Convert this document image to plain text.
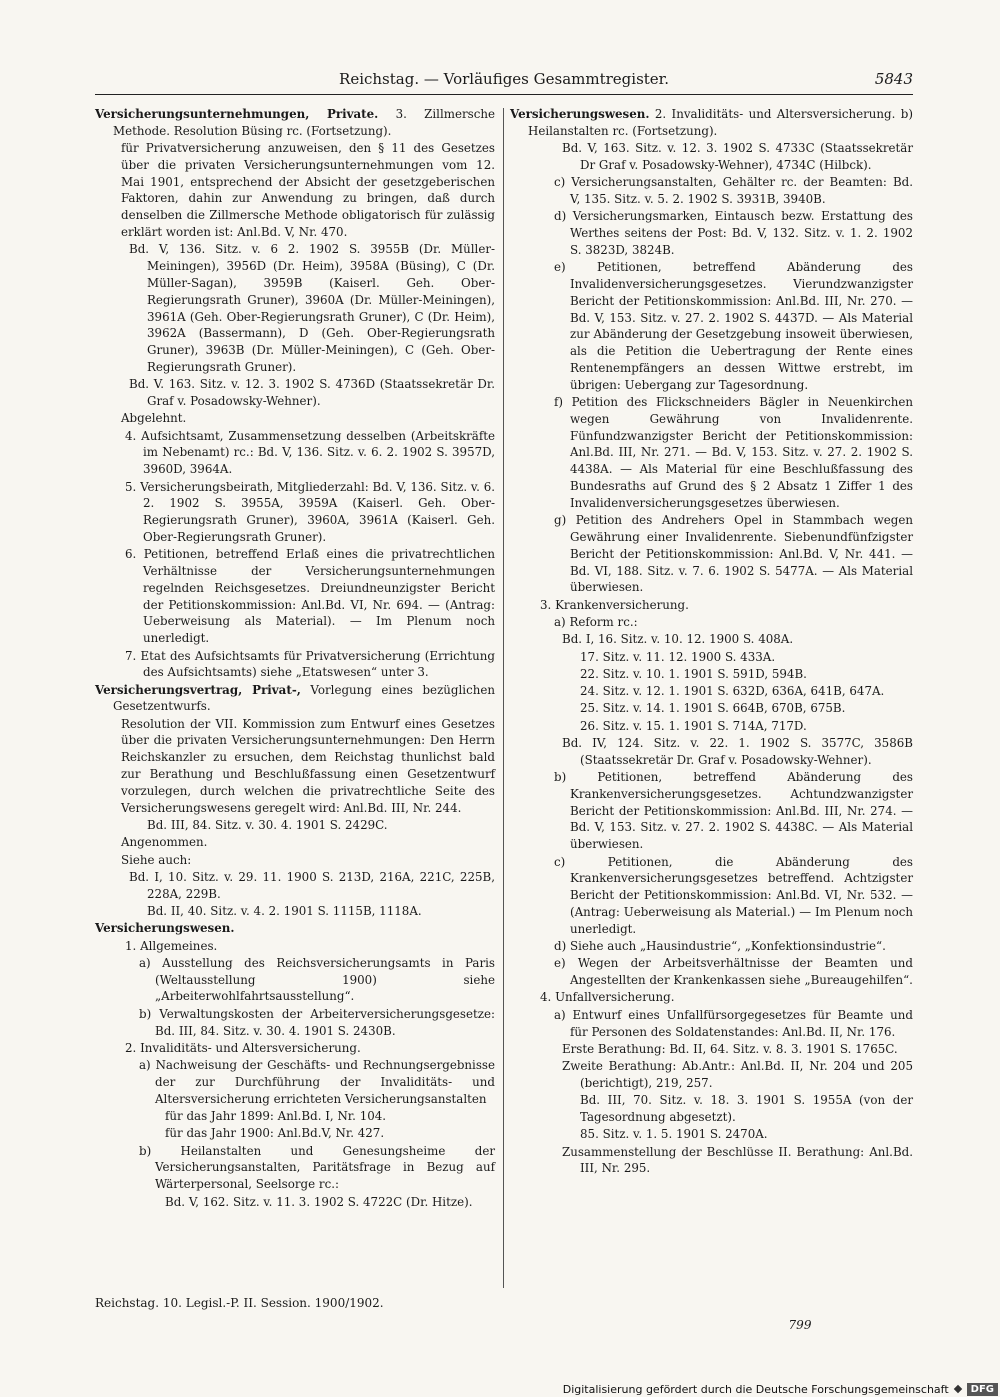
Reichstag. — Vorläufiges Gesammtregister.	5843
Versicherungsunternehmungen, Private. 3. Zillmersche Methode. Resolution Büsing rc. (Fortsetzung).
für Privatversicherung anzuweisen, den § 11 des Gesetzes über die privaten Versicherungsunternehmungen vom 12. Mai 1901, entsprechend der Absicht der gesetzgeberischen Faktoren, dahin zur Anwendung zu bringen, daß durch denselben die Zillmersche Methode obligatorisch für zulässig erklärt worden ist: Anl.Bd. V, Nr. 470.
Bd. V, 136. Sitz. v. 6 2. 1902 S. 3955B (Dr. Müller-Meiningen), 3956D (Dr. Heim), 3958A (Büsing), C (Dr. Müller-Sagan), 3959B (Kaiserl. Geh. Ober-Regierungsrath Gruner), 3960A (Dr. Müller-Meiningen), 3961A (Geh. Ober-Regierungsrath Gruner), C (Dr. Heim), 3962A (Bassermann), D (Geh. Ober-Regierungsrath Gruner), 3963B (Dr. Müller-Meiningen), C (Geh. Ober-Regierungsrath Gruner).
Bd. V. 163. Sitz. v. 12. 3. 1902 S. 4736D (Staatssekretär Dr. Graf v. Posadowsky-Wehner).
Abgelehnt.
4. Aufsichtsamt, Zusammensetzung desselben (Arbeitskräfte im Nebenamt) rc.: Bd. V, 136. Sitz. v. 6. 2. 1902 S. 3957D, 3960D, 3964A.
5. Versicherungsbeirath, Mitgliederzahl: Bd. V, 136. Sitz. v. 6. 2. 1902 S. 3955A, 3959A (Kaiserl. Geh. Ober-Regierungsrath Gruner), 3960A, 3961A (Kaiserl. Geh. Ober-Regierungsrath Gruner).
6. Petitionen, betreffend Erlaß eines die privatrechtlichen Verhältnisse der Versicherungsunternehmungen regelnden Reichsgesetzes. Dreiundneunzigster Bericht der Petitionskommission: Anl.Bd. VI, Nr. 694. — (Antrag: Ueberweisung als Material). — Im Plenum noch unerledigt.
7. Etat des Aufsichtsamts für Privatversicherung (Errichtung des Aufsichtsamts) siehe „Etatswesen“ unter 3.
Versicherungsvertrag, Privat-, Vorlegung eines bezüglichen Gesetzentwurfs.
Resolution der VII. Kommission zum Entwurf eines Gesetzes über die privaten Versicherungsunternehmungen: Den Herrn Reichskanzler zu ersuchen, dem Reichstag thunlichst bald zur Berathung und Beschlußfassung einen Gesetzentwurf vorzulegen, durch welchen die privatrechtliche Seite des Versicherungswesens geregelt wird: Anl.Bd. III, Nr. 244.
Bd. III, 84. Sitz. v. 30. 4. 1901 S. 2429C.
Angenommen.
Siehe auch:
Bd. I, 10. Sitz. v. 29. 11. 1900 S. 213D, 216A, 221C, 225B, 228A, 229B.
Bd. II, 40. Sitz. v. 4. 2. 1901 S. 1115B, 1118A.
Versicherungswesen.
1. Allgemeines.
a) Ausstellung des Reichsversicherungsamts in Paris (Weltausstellung 1900) siehe „Arbeiterwohlfahrtsausstellung“.
b) Verwaltungskosten der Arbeiterversicherungsgesetze: Bd. III, 84. Sitz. v. 30. 4. 1901 S. 2430B.
2. Invaliditäts- und Altersversicherung.
a) Nachweisung der Geschäfts- und Rechnungsergebnisse der zur Durchführung der Invaliditäts- und Altersversicherung errichteten Versicherungsanstalten
für das Jahr 1899: Anl.Bd. I, Nr. 104.
für das Jahr 1900: Anl.Bd.V, Nr. 427.
b) Heilanstalten und Genesungsheime der Versicherungsanstalten, Paritätsfrage in Bezug auf Wärterpersonal, Seelsorge rc.:
Bd. V, 162. Sitz. v. 11. 3. 1902 S. 4722C (Dr. Hitze).
Versicherungswesen. 2. Invaliditäts- und Altersversicherung. b) Heilanstalten rc. (Fortsetzung).
Bd. V, 163. Sitz. v. 12. 3. 1902 S. 4733C (Staatssekretär Dr Graf v. Posadowsky-Wehner), 4734C (Hilbck).
c) Versicherungsanstalten, Gehälter rc. der Beamten: Bd. V, 135. Sitz. v. 5. 2. 1902 S. 3931B, 3940B.
d) Versicherungsmarken, Eintausch bezw. Erstattung des Werthes seitens der Post: Bd. V, 132. Sitz. v. 1. 2. 1902 S. 3823D, 3824B.
e) Petitionen, betreffend Abänderung des Invalidenversicherungsgesetzes. Vierundzwanzigster Bericht der Petitionskommission: Anl.Bd. III, Nr. 270. — Bd. V, 153. Sitz. v. 27. 2. 1902 S. 4437D. — Als Material zur Abänderung der Gesetzgebung insoweit überwiesen, als die Petition die Uebertragung der Rente eines Rentenempfängers an dessen Wittwe erstrebt, im übrigen: Uebergang zur Tagesordnung.
f) Petition des Flickschneiders Bägler in Neuenkirchen wegen Gewährung von Invalidenrente. Fünfundzwanzigster Bericht der Petitionskommission: Anl.Bd. III, Nr. 271. — Bd. V, 153. Sitz. v. 27. 2. 1902 S. 4438A. — Als Material für eine Beschlußfassung des Bundesraths auf Grund des § 2 Absatz 1 Ziffer 1 des Invalidenversicherungsgesetzes überwiesen.
g) Petition des Andrehers Opel in Stammbach wegen Gewährung einer Invalidenrente. Siebenundfünfzigster Bericht der Petitionskommission: Anl.Bd. V, Nr. 441. — Bd. VI, 188. Sitz. v. 7. 6. 1902 S. 5477A. — Als Material überwiesen.
3. Krankenversicherung.
a) Reform rc.:
Bd. I, 16. Sitz. v. 10. 12. 1900 S. 408A.
17. Sitz. v. 11. 12. 1900 S. 433A.
22. Sitz. v. 10. 1. 1901 S. 591D, 594B.
24. Sitz. v. 12. 1. 1901 S. 632D, 636A, 641B, 647A.
25. Sitz. v. 14. 1. 1901 S. 664B, 670B, 675B.
26. Sitz. v. 15. 1. 1901 S. 714A, 717D.
Bd. IV, 124. Sitz. v. 22. 1. 1902 S. 3577C, 3586B (Staatssekretär Dr. Graf v. Posadowsky-Wehner).
b) Petitionen, betreffend Abänderung des Krankenversicherungsgesetzes. Achtundzwanzigster Bericht der Petitionskommission: Anl.Bd. III, Nr. 274. — Bd. V, 153. Sitz. v. 27. 2. 1902 S. 4438C. — Als Material überwiesen.
c) Petitionen, die Abänderung des Krankenversicherungsgesetzes betreffend. Achtzigster Bericht der Petitionskommission: Anl.Bd. VI, Nr. 532. — (Antrag: Ueberweisung als Material.) — Im Plenum noch unerledigt.
d) Siehe auch „Hausindustrie“, „Konfektionsindustrie“.
e) Wegen der Arbeitsverhältnisse der Beamten und Angestellten der Krankenkassen siehe „Bureaugehilfen“.
4. Unfallversicherung.
a) Entwurf eines Unfallfürsorgegesetzes für Beamte und für Personen des Soldatenstandes: Anl.Bd. II, Nr. 176.
Erste Berathung: Bd. II, 64. Sitz. v. 8. 3. 1901 S. 1765C.
Zweite Berathung: Ab.Antr.: Anl.Bd. II, Nr. 204 und 205 (berichtigt), 219, 257.
Bd. III, 70. Sitz. v. 18. 3. 1901 S. 1955A (von der Tagesordnung abgesetzt).
85. Sitz. v. 1. 5. 1901 S. 2470A.
Zusammenstellung der Beschlüsse II. Berathung: Anl.Bd. III, Nr. 295.
Reichstag. 10. Legisl.-P. II. Session. 1900/1902.
799
Digitalisierung gefördert durch die Deutsche Forschungsgemeinschaft	DFG
